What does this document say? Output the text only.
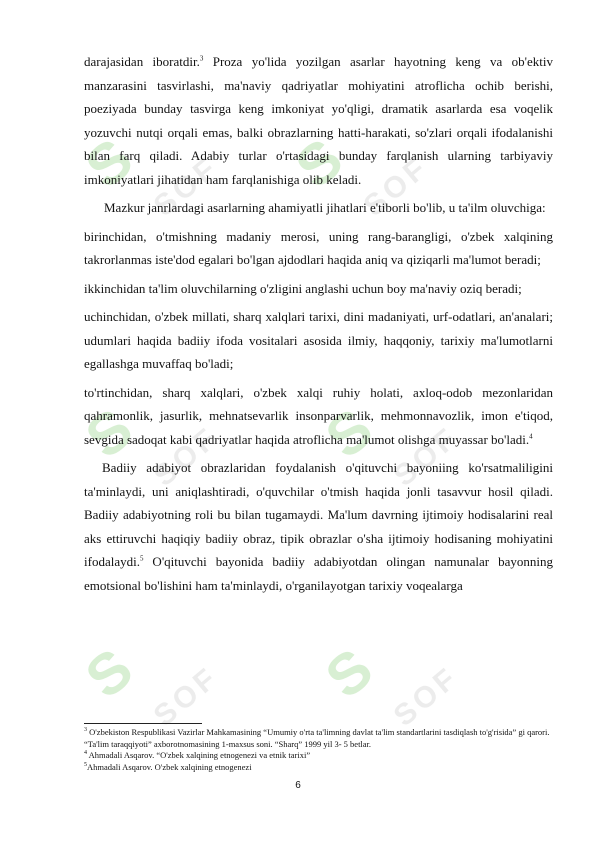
S SOF S SOF
S SOF S SOF
S SOF S SOF

darajasidan iboratdir.$^3$ Proza yo'lida yozilgan asarlar hayotning keng va ob'ektiv manzarasini tasvirlashi, ma'naviy qadriyatlar mohiyatini atroflicha ochib berishi, poeziyada bunday tasvirga keng imkoniyat yo'qligi, dramatik asarlarda esa voqelik yozuvchi nutqi orqali emas, balki obrazlarning hatti-harakati, so'zlari orqali ifodalanishi bilan farq qiladi. Adabiy turlar o'rtasidagi bunday farqlanish ularning tarbiyaviy imkoniyatlari jihatidan ham farqlanishiga olib keladi.

Mazkur janrlardagi asarlarning ahamiyatli jihatlari e'tiborli bo'lib, u ta'ilm oluvchiga:

birinchidan, o'tmishning madaniy merosi, uning rang-barangligi, o'zbek xalqining takrorlanmas iste'dod egalari bo'lgan ajdodlari haqida aniq va qiziqarli ma'lumot beradi;

ikkinchidan ta'lim oluvchilarning o'zligini anglashi uchun boy ma'naviy oziq beradi;

uchinchidan, o'zbek millati, sharq xalqlari tarixi, dini madaniyati, urf-odatlari, an'analari; udumlari haqida badiiy ifoda vositalari asosida ilmiy, haqqoniy, tarixiy ma'lumotlarni egallashga muvaffaq bo'ladi;

to'rtinchidan, sharq xalqlari, o'zbek xalqi ruhiy holati, axloq-odob mezonlaridan qahramonlik, jasurlik, mehnatsevarlik insonparvarlik, mehmonnavozlik, imon e'tiqod, sevgida sadoqat kabi qadriyatlar haqida atroflicha ma'lumot olishga muyassar bo'ladi.$^4$

Badiiy adabiyot obrazlaridan foydalanish o'qituvchi bayoniing ko'rsatmaliligini ta'minlaydi, uni aniqlashtiradi, o'quvchilar o'tmish haqida jonli tasavvur hosil qiladi. Badiiy adabiyotning roli bu bilan tugamaydi. Ma'lum davrning ijtimoiy hodisalarini real aks ettiruvchi haqiqiy badiiy obraz, tipik obrazlar o'sha ijtimoiy hodisaning mohiyatini ifodalaydi.$^5$ O'qituvchi bayonida badiiy adabiyotdan olingan namunalar bayonning emotsional bo'lishini ham ta'minlaydi, o'rganilayotgan tarixiy voqealarga

$^3$ O'zbekiston Respublikasi Vazirlar Mahkamasining “Umumiy o'rta ta'limning davlat ta'lim standartlarini tasdiqlash to'g'risida” gi qarori. “Ta'lim taraqqiyoti” axborotnomasining 1-maxsus soni. “Sharq” 1999 yil 3- 5 betlar.
$^4$ Ahmadali Asqarov. “O'zbek xalqining etnogenezi va etnik tarixi”
$^5$Ahmadali Asqarov. O'zbek xalqining etnogenezi
6
